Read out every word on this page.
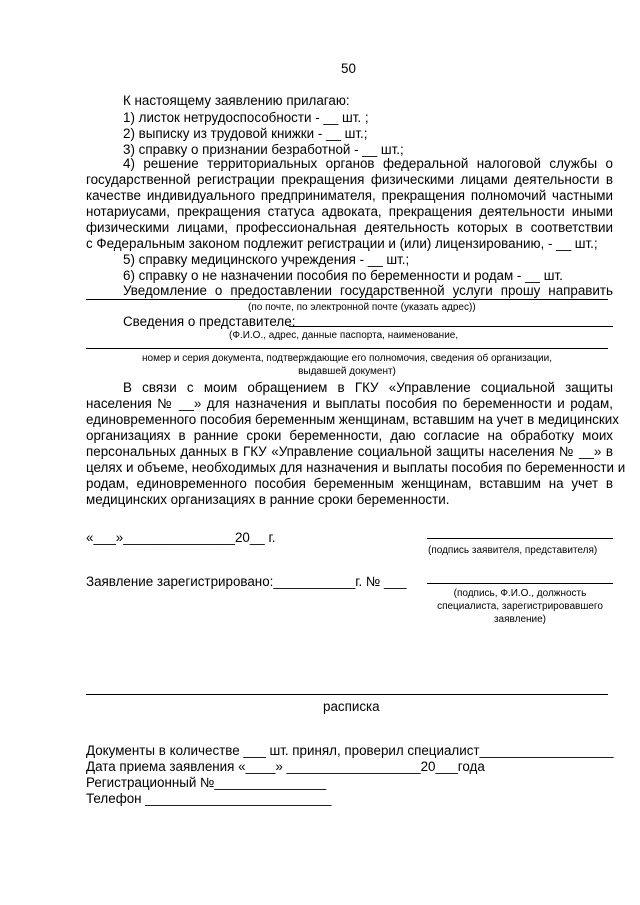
50
К настоящему заявлению прилагаю:
1) листок нетрудоспособности - __ шт. ;
2) выписку из трудовой книжки - __ шт.;
3) справку о признании безработной - __ шт.;
4) решение территориальных органов федеральной налоговой службы о
государственной регистрации прекращения физическими лицами деятельности в
качестве индивидуального предпринимателя, прекращения полномочий частными
нотариусами, прекращения статуса адвоката, прекращения деятельности иными
физическими лицами, профессиональная деятельность которых в соответствии
с Федеральным законом подлежит регистрации и (или) лицензированию, - __ шт.;
5) справку медицинского учреждения - __ шт.;
6) справку о не назначении пособия по беременности и родам - __ шт.
Уведомление о предоставлении государственной услуги прошу направить
(по почте, по электронной почте (указать адрес))
Сведения о представителе:
(Ф.И.О., адрес, данные паспорта, наименование,
номер и серия документа, подтверждающие его полномочия, сведения об организации,
выдавшей документ)
В связи с моим обращением в ГКУ «Управление социальной защиты
населения № __» для назначения и выплаты пособия по беременности и родам,
единовременного пособия беременным женщинам, вставшим на учет в медицинских
организациях в ранние сроки беременности, даю согласие на обработку моих
персональных данных в ГКУ «Управление социальной защиты населения № __» в
целях и объеме, необходимых для назначения и выплаты пособия по беременности и
родам, единовременного пособия беременным женщинам, вставшим на учет в
медицинских организациях в ранние сроки беременности.
«___»_______________20__ г.
(подпись заявителя, представителя)
Заявление зарегистрировано:___________г. № ___
(подпись, Ф.И.О., должность
специалиста, зарегистрировавшего
заявление)
расписка
Документы в количестве ___ шт. принял, проверил специалист__________________
Дата приема заявления «____» __________________20___года
Регистрационный №_______________
Телефон _________________________
